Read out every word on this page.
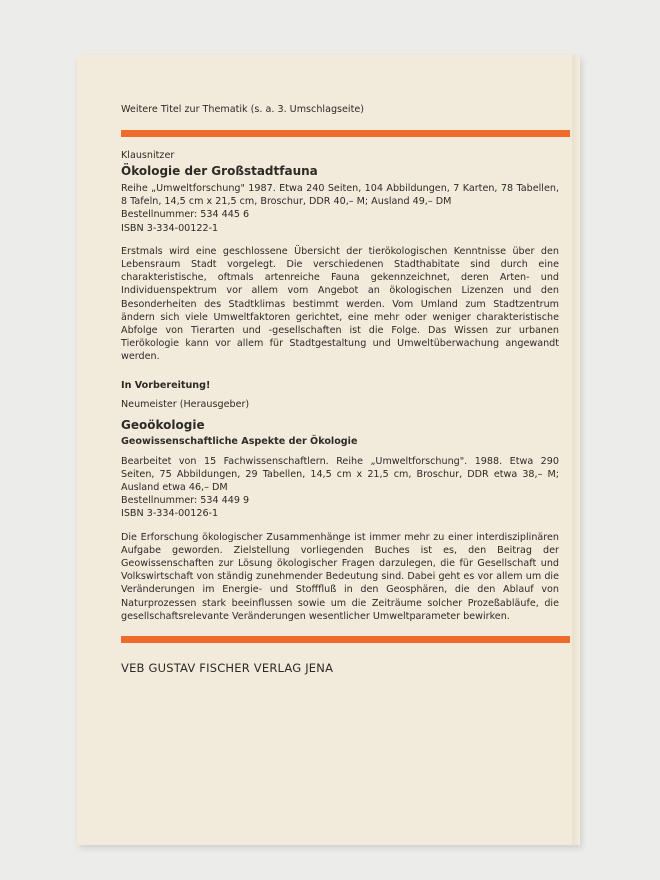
Weitere Titel zur Thematik (s. a. 3. Umschlagseite)

Klausnitzer

Ökologie der Großstadtfauna

Reihe „Umweltforschung" 1987. Etwa 240 Seiten, 104 Abbildungen, 7 Karten, 78 Tabellen, 8 Tafeln, 14,5 cm x 21,5 cm, Broschur, DDR 40,– M; Ausland 49,– DM

Bestellnummer: 534 445 6

ISBN 3-334-00122-1

Erstmals wird eine geschlossene Übersicht der tierökologischen Kenntnisse über den Lebensraum Stadt vorgelegt. Die verschiedenen Stadthabitate sind durch eine charakteristische, oftmals artenreiche Fauna gekennzeichnet, deren Arten- und Individuenspektrum vor allem vom Angebot an ökologischen Lizenzen und den Besonderheiten des Stadtklimas bestimmt werden. Vom Umland zum Stadtzentrum ändern sich viele Umweltfaktoren gerichtet, eine mehr oder weniger charakteristische Abfolge von Tierarten und -gesellschaften ist die Folge. Das Wissen zur urbanen Tierökologie kann vor allem für Stadtgestaltung und Umweltüberwachung angewandt werden.

In Vorbereitung!

Neumeister (Herausgeber)

Geoökologie

Geowissenschaftliche Aspekte der Ökologie

Bearbeitet von 15 Fachwissenschaftlern. Reihe „Umweltforschung". 1988. Etwa 290 Seiten, 75 Abbildungen, 29 Tabellen, 14,5 cm x 21,5 cm, Broschur, DDR etwa 38,– M; Ausland etwa 46,– DM

Bestellnummer: 534 449 9

ISBN 3-334-00126-1

Die Erforschung ökologischer Zusammenhänge ist immer mehr zu einer interdisziplinären Aufgabe geworden. Zielstellung vorliegenden Buches ist es, den Beitrag der Geowissenschaften zur Lösung ökologischer Fragen darzulegen, die für Gesellschaft und Volkswirtschaft von ständig zunehmender Bedeutung sind. Dabei geht es vor allem um die Veränderungen im Energie- und Stofffluß in den Geosphären, die den Ablauf von Naturprozessen stark beeinflussen sowie um die Zeiträume solcher Prozeßabläufe, die gesellschaftsrelevante Veränderungen wesentlicher Umweltparameter bewirken.

VEB GUSTAV FISCHER VERLAG JENA
